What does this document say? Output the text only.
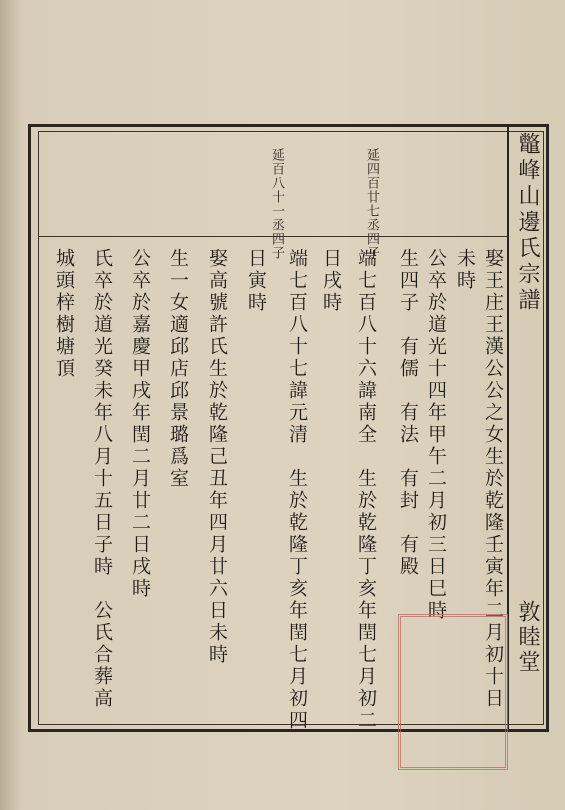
鼈峰山邊氏宗譜
敦睦堂
延四百廿七丞四子
延百八十一丞四子
娶王庄王漢公公之女生於乾隆壬寅年二月初十日
未時
公卒於道光十四年甲午二月初三日巳時
生四子　有儒　有法　有封　有殿
端七百八十六諱南全　生於乾隆丁亥年閏七月初二
日戌時
端七百八十七諱元清　生於乾隆丁亥年閏七月初四
日寅時
娶高號許氏生於乾隆己丑年四月廿六日未時
生一女適邱店邱景璐爲室
公卒於嘉慶甲戌年閏二月廿二日戌時
氏卒於道光癸未年八月十五日子時　公氏合葬高
城頭梓樹塘頂
